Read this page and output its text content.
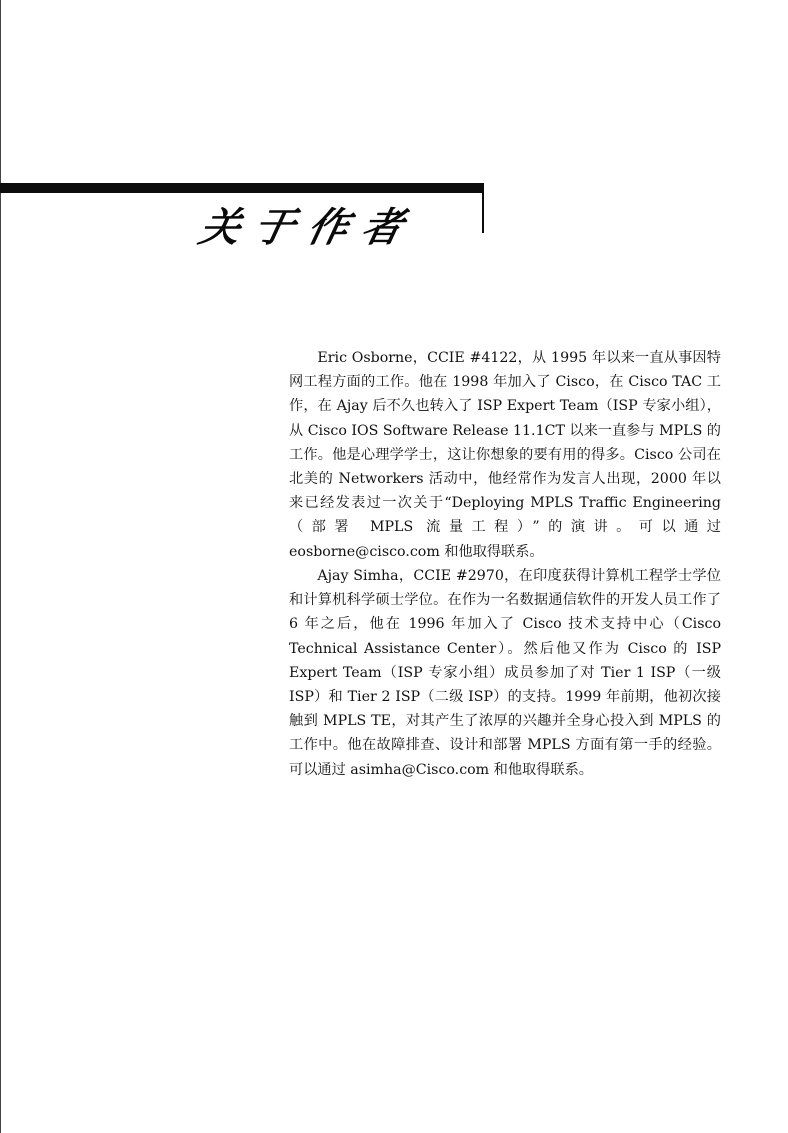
关于作者

Eric Osborne，CCIE #4122，从 1995 年以来一直从事因特网工程方面的工作。他在 1998 年加入了 Cisco，在 Cisco TAC 工作，在 Ajay 后不久也转入了 ISP Expert Team（ISP 专家小组），从 Cisco IOS Software Release 11.1CT 以来一直参与 MPLS 的工作。他是心理学学士，这让你想象的要有用的得多。Cisco 公司在北美的 Networkers 活动中，他经常作为发言人出现，2000 年以来已经发表过一次关于“Deploying MPLS Traffic Engineering（部署 MPLS 流量工程）”的演讲。可以通过 eosborne@cisco.com 和他取得联系。

Ajay Simha，CCIE #2970，在印度获得计算机工程学士学位和计算机科学硕士学位。在作为一名数据通信软件的开发人员工作了 6 年之后，他在 1996 年加入了 Cisco 技术支持中心（Cisco Technical Assistance Center）。然后他又作为 Cisco 的 ISP Expert Team（ISP 专家小组）成员参加了对 Tier 1 ISP（一级 ISP）和 Tier 2 ISP（二级 ISP）的支持。1999 年前期，他初次接触到 MPLS TE，对其产生了浓厚的兴趣并全身心投入到 MPLS 的工作中。他在故障排查、设计和部署 MPLS 方面有第一手的经验。可以通过 asimha@Cisco.com 和他取得联系。
